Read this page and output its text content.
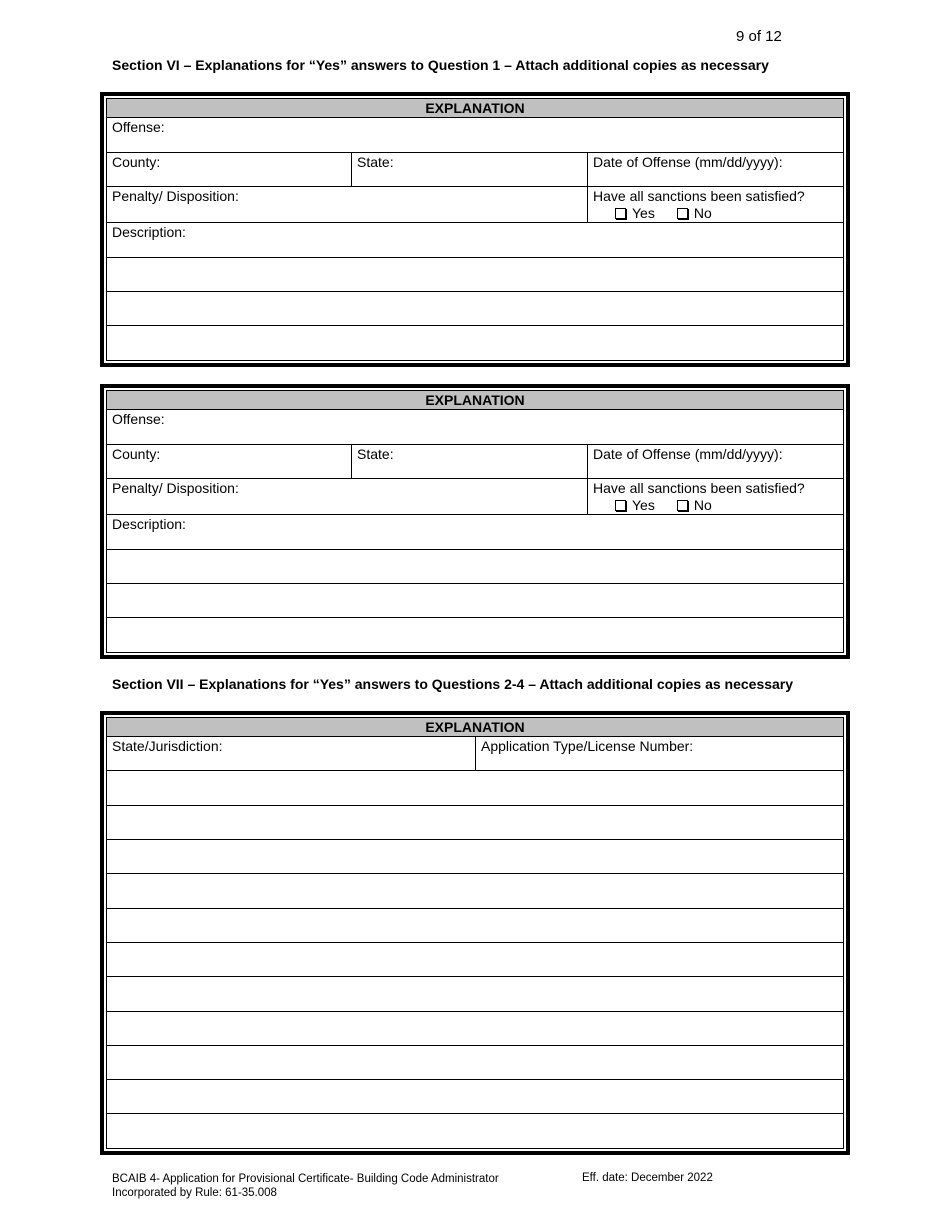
9 of 12
Section VI – Explanations for “Yes” answers to Question 1 – Attach additional copies as necessary
EXPLANATION
Offense:
County:	State:	Date of Offense (mm/dd/yyyy):
Penalty/ Disposition:	Have all sanctions been satisfied?
Yes	No
Description:
EXPLANATION
Offense:
County:	State:	Date of Offense (mm/dd/yyyy):
Penalty/ Disposition:	Have all sanctions been satisfied?
Yes	No
Description:
Section VII – Explanations for “Yes” answers to Questions 2-4 – Attach additional copies as necessary
EXPLANATION
State/Jurisdiction:	Application Type/License Number:
BCAIB 4- Application for Provisional Certificate- Building Code Administrator
Incorporated by Rule: 61-35.008
Eff. date: December 2022
